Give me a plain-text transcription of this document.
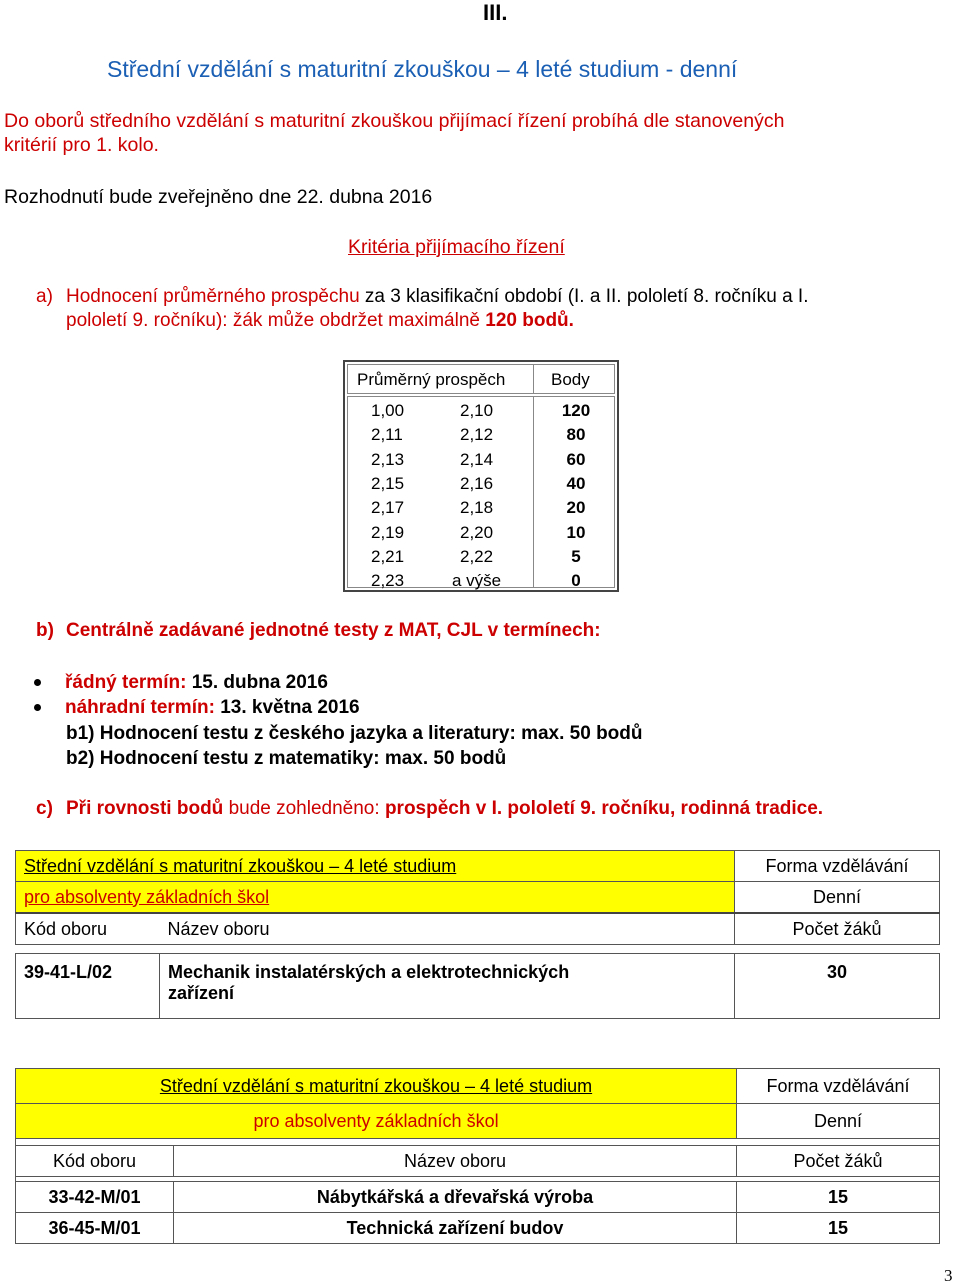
III.
Střední vzdělání s maturitní zkouškou – 4 leté studium - denní
Do oborů středního vzdělání s maturitní zkouškou přijímací řízení probíhá dle stanovených
kritérií pro 1. kolo.
Rozhodnutí bude zveřejněno dne 22. dubna 2016
Kritéria přijímacího řízení
a) Hodnocení průměrného prospěchu za 3 klasifikační období (I. a II. pololetí 8. ročníku a I.
pololetí 9. ročníku): žák může obdržet maximálně 120 bodů.
Průměrný prospěch	Body
1,00	2,10	120
2,11	2,12	80
2,13	2,14	60
2,15	2,16	40
2,17	2,18	20
2,19	2,20	10
2,21	2,22	5
2,23	a výše	0
b) Centrálně zadávané jednotné testy z MAT, CJL v termínech:
řádný termín: 15. dubna 2016
náhradní termín: 13. května 2016
b1) Hodnocení testu z českého jazyka a literatury: max. 50 bodů
b2) Hodnocení testu z matematiky: max. 50 bodů
c) Při rovnosti bodů bude zohledněno: prospěch v I. pololetí 9. ročníku, rodinná tradice.
Střední vzdělání s maturitní zkouškou – 4 leté studium		Forma vzdělávání
pro absolventy základních škol		Denní
Kód oboru	Název oboru	Počet žáků

39-41-L/02	Mechanik instalatérských a elektrotechnických
zařízení	30
Střední vzdělání s maturitní zkouškou – 4 leté studium		Forma vzdělávání
pro absolventy základních škol		Denní

Kód oboru	Název oboru	Počet žáků

33-42-M/01	Nábytkářská a dřevařská výroba	15
36-45-M/01	Technická zařízení budov	15
3
